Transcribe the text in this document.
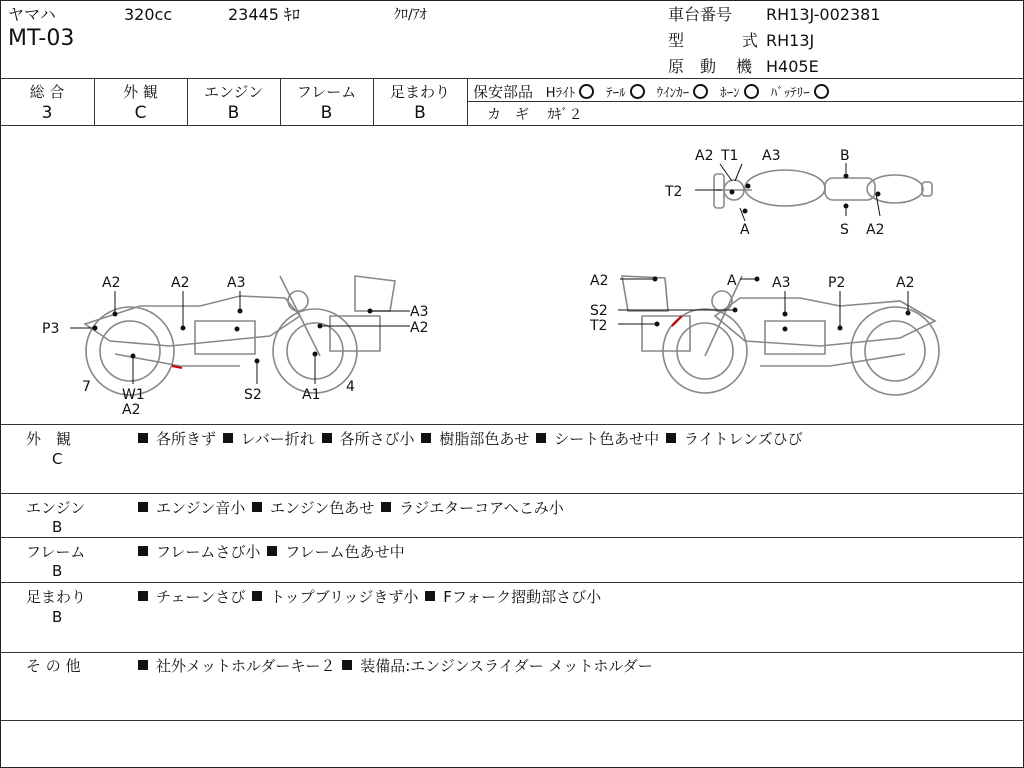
ヤマハ	320cc	23445 ｷﾛ	ｸﾛ/ｱｵ
MT-03
車台番号 RH13J-002381
型	式 RH13J
原 動 機 H405E
総 合
3
外 観
C
エンジン
B
フレーム
B
足まわり
B
保安部品 Hﾗｲﾄ ﾃｰﾙ ｳｲﾝｶｰ ﾎｰﾝ ﾊﾞｯﾃﾘｰ
カ　ギ ｶｷﾞ２
A2 T1 A3	B
T2
A	S A2
A2	A2	A3
A3
P3	A2
7 W1
A2
S2	A1 4
A2	A	A3	P2	A2
S2
T2
外　観
C
各所きず レバー折れ 各所さび小 樹脂部色あせ シート色あせ中 ライトレンズひび
エンジン
B
エンジン音小 エンジン色あせ ラジエターコアへこみ小
フレーム
B
フレームさび小 フレーム色あせ中
足まわり
B
チェーンさび トップブリッジきず小 Fフォーク摺動部さび小
そ の 他	社外メットホルダーキー２ 装備品:エンジンスライダー メットホルダー
